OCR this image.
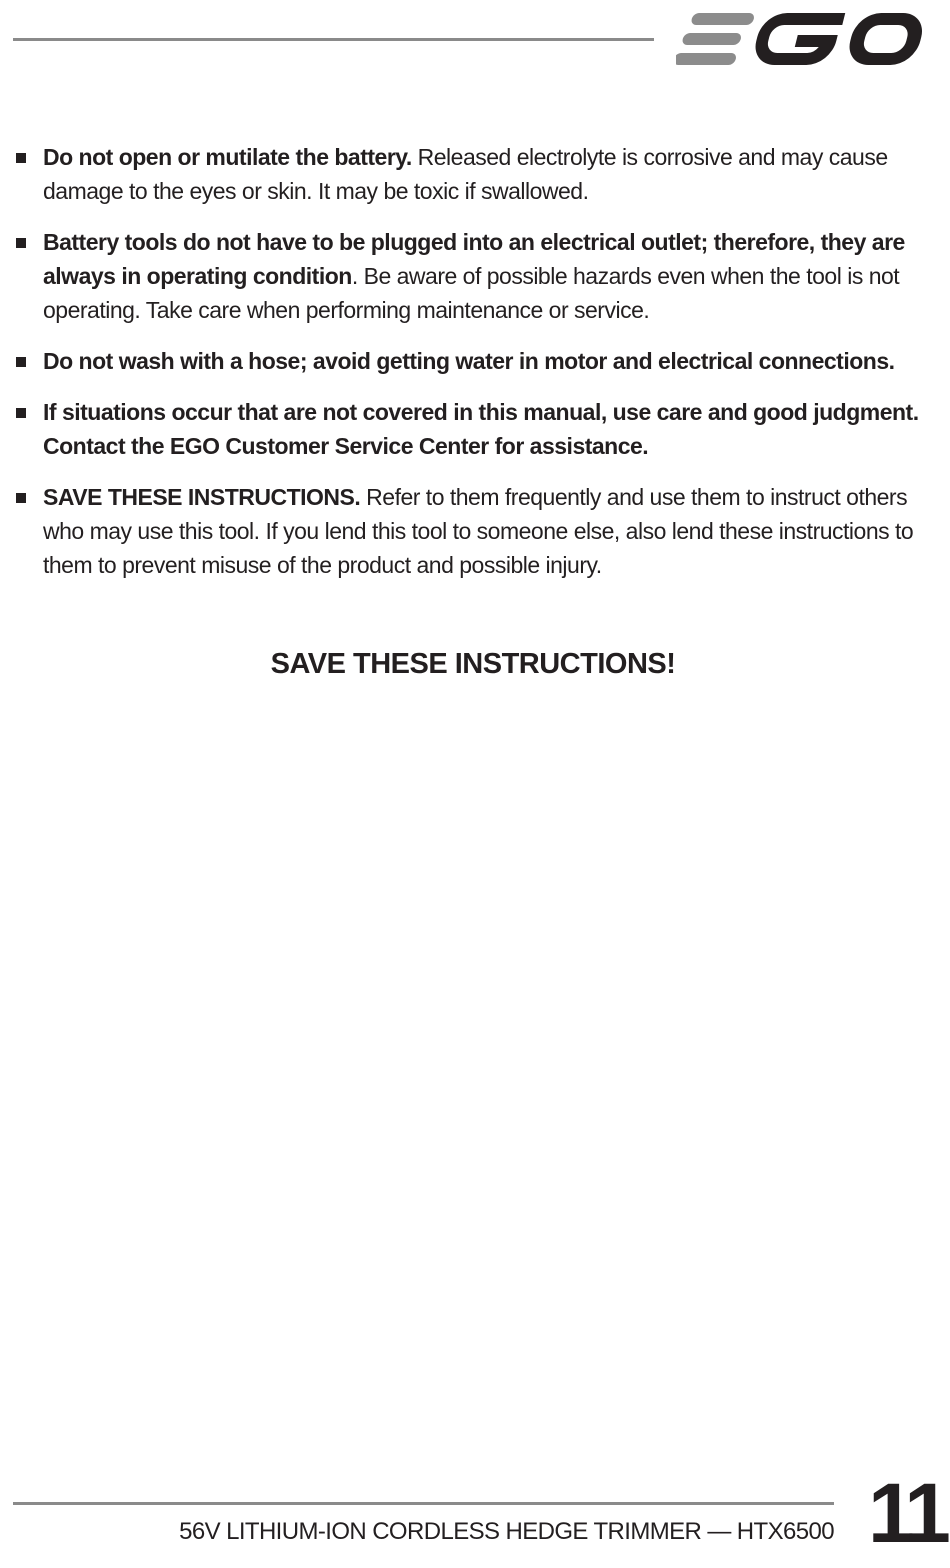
EGO
Do not open or mutilate the battery. Released electrolyte is corrosive and may cause damage to the eyes or skin. It may be toxic if swallowed.
Battery tools do not have to be plugged into an electrical outlet; therefore, they are always in operating condition. Be aware of possible hazards even when the tool is not operating. Take care when performing maintenance or service.
Do not wash with a hose; avoid getting water in motor and electrical connections.
If situations occur that are not covered in this manual, use care and good judgment. Contact the EGO Customer Service Center for assistance.
SAVE THESE INSTRUCTIONS. Refer to them frequently and use them to instruct others who may use this tool. If you lend this tool to someone else, also lend these instructions to them to prevent misuse of the product and possible injury.
SAVE THESE INSTRUCTIONS!
56V LITHIUM-ION CORDLESS HEDGE TRIMMER — HTX6500 11
